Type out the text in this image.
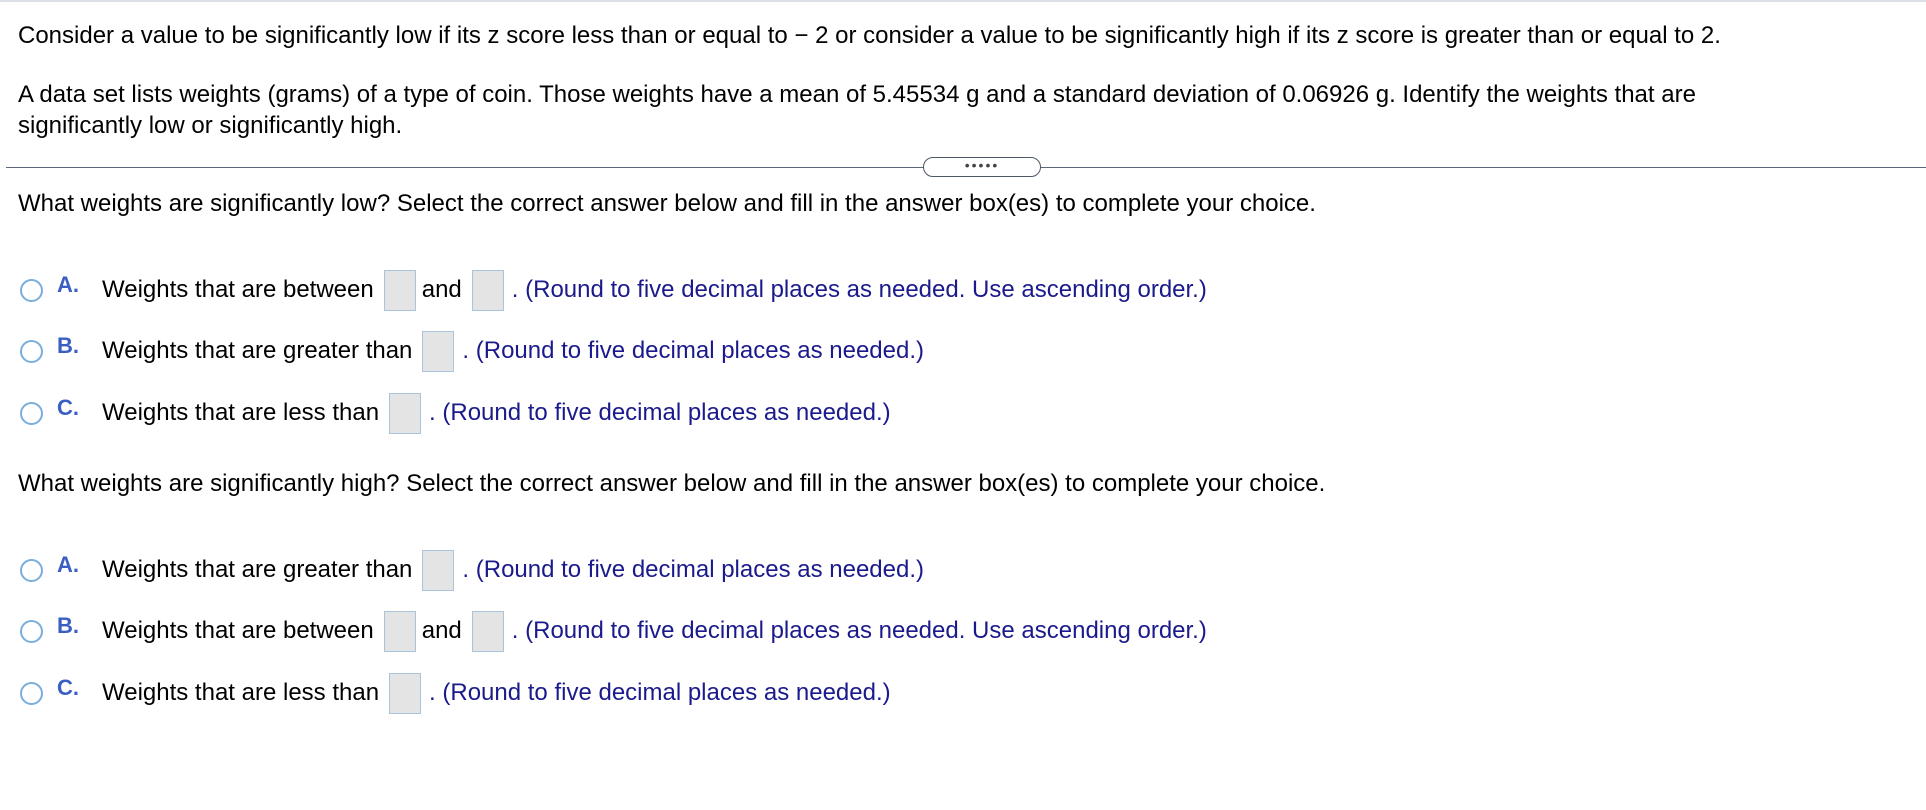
Consider a value to be significantly low if its z score less than or equal to − 2 or consider a value to be significantly high if its z score is greater than or equal to 2.
A data set lists weights (grams) of a type of coin. Those weights have a mean of 5.45534 g and a standard deviation of 0.06926 g. Identify the weights that are
significantly low or significantly high.
•••••
What weights are significantly low? Select the correct answer below and fill in the answer box(es) to complete your choice.
A. Weights that are between and . (Round to five decimal places as needed. Use ascending order.)
B. Weights that are greater than . (Round to five decimal places as needed.)
C. Weights that are less than . (Round to five decimal places as needed.)
What weights are significantly high? Select the correct answer below and fill in the answer box(es) to complete your choice.
A. Weights that are greater than . (Round to five decimal places as needed.)
B. Weights that are between and . (Round to five decimal places as needed. Use ascending order.)
C. Weights that are less than . (Round to five decimal places as needed.)
